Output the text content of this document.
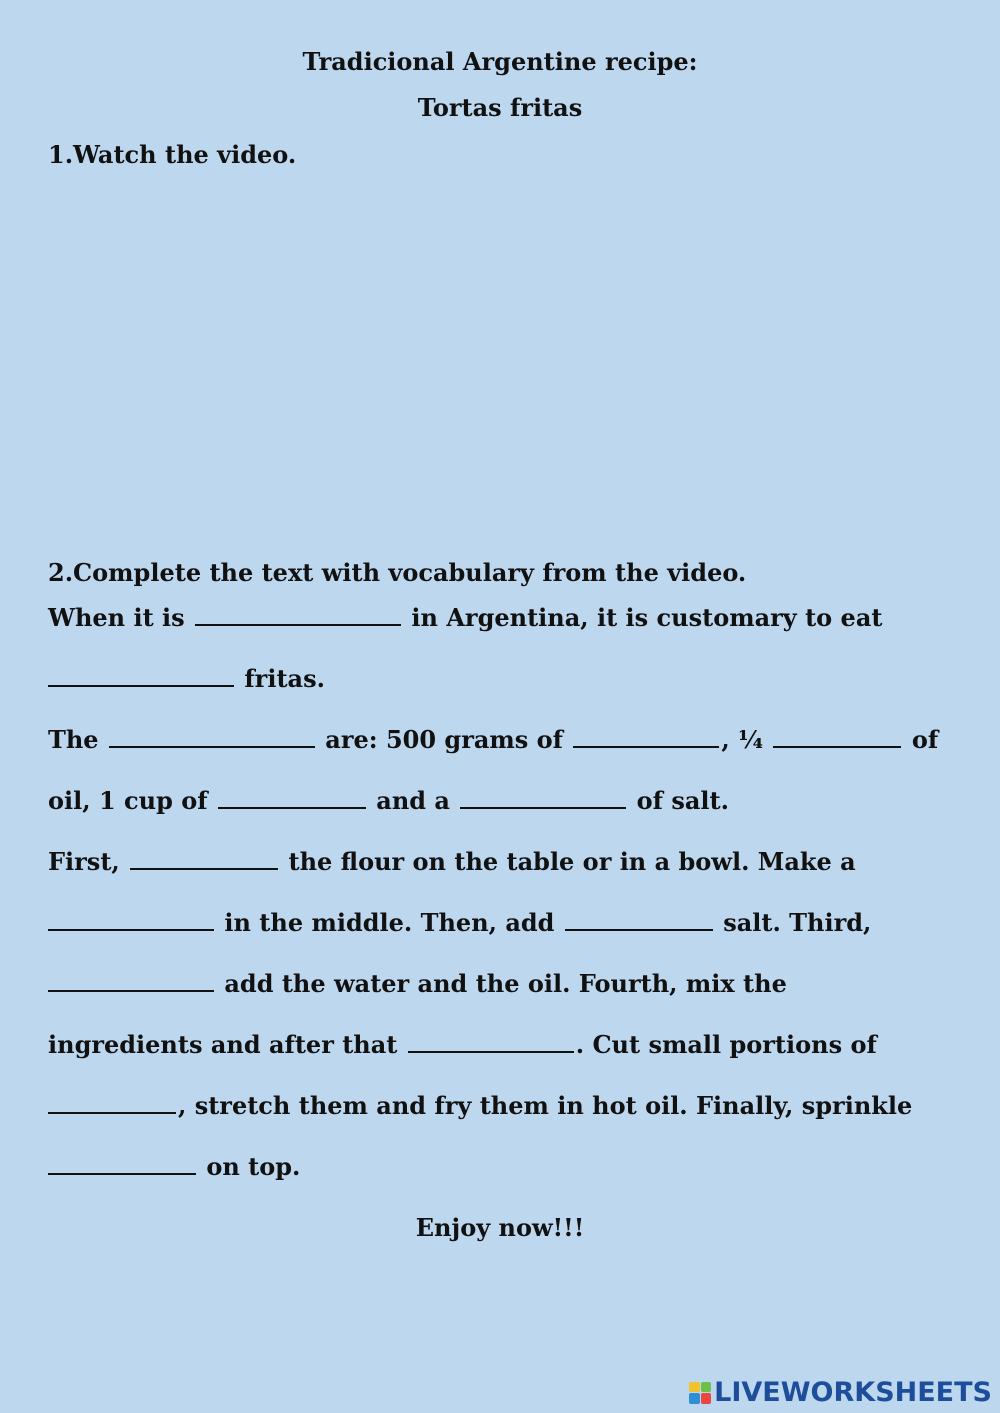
Tradicional Argentine recipe:
Tortas fritas
1.Watch the video.
2.Complete the text with vocabulary from the video.
When it is	in Argentina, it is customary to eat
fritas.
The	are: 500 grams of	, ¼	of
oil, 1 cup of	and a	of salt.
First,	the flour on the table or in a bowl. Make a
in the middle. Then, add	salt. Third,
add the water and the oil. Fourth, mix the
ingredients and after that	. Cut small portions of
, stretch them and fry them in hot oil. Finally, sprinkle
on top.
Enjoy now!!!
LIVEWORKSHEETS
